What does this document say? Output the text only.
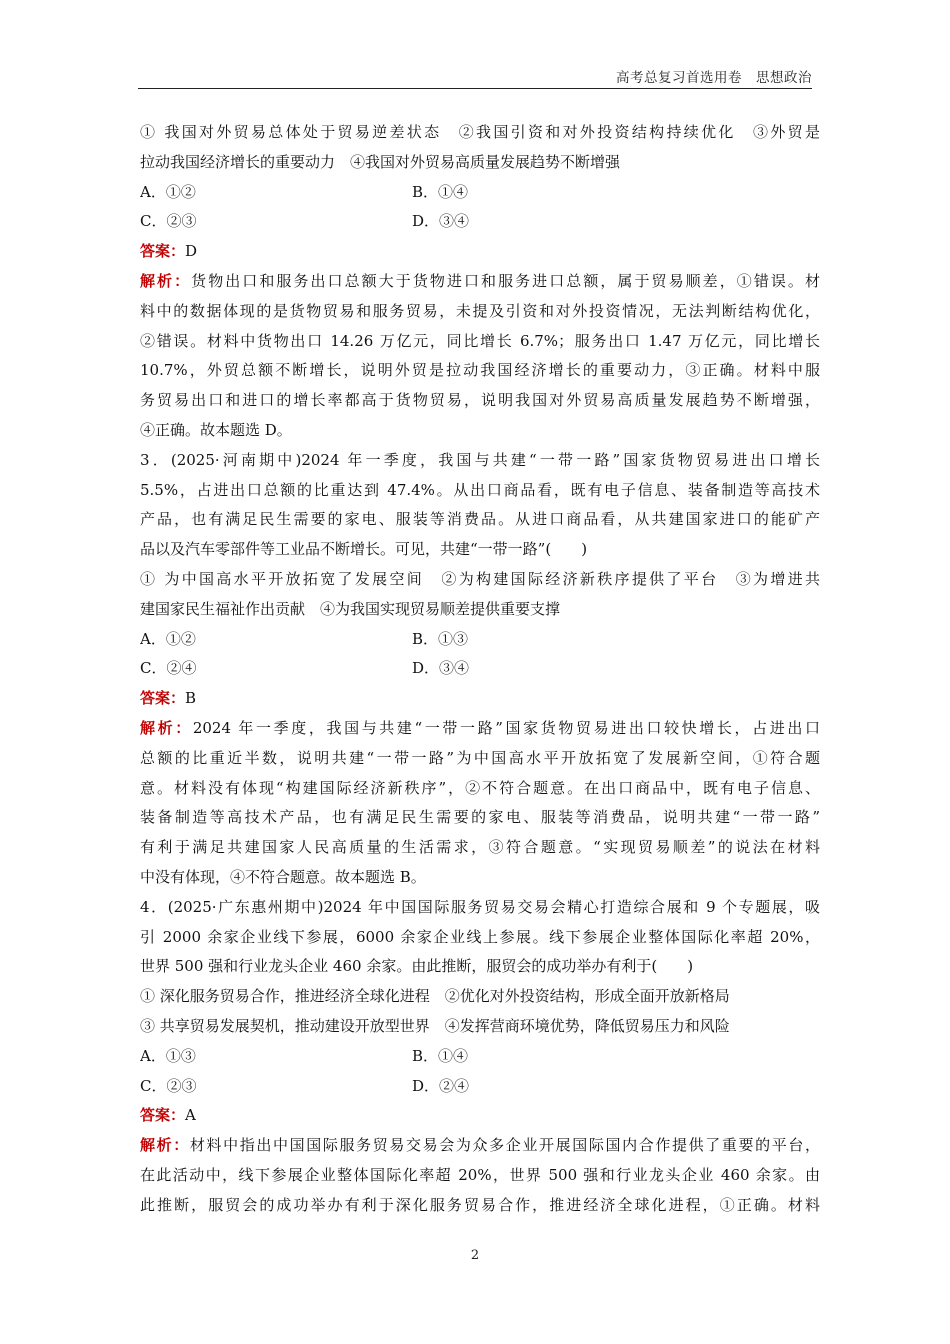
高考总复习首选用卷　思想政治
① 我国对外贸易总体处于贸易逆差状态　②我国引资和对外投资结构持续优化　③外贸是
拉动我国经济增长的重要动力　④我国对外贸易高质量发展趋势不断增强
A．①②	B．①④
C．②③	D．③④
答案：D
解析：货物出口和服务出口总额大于货物进口和服务进口总额，属于贸易顺差，①错误。材
料中的数据体现的是货物贸易和服务贸易，未提及引资和对外投资情况，无法判断结构优化，
②错误。材料中货物出口 14.26 万亿元，同比增长 6.7%；服务出口 1.47 万亿元，同比增长
10.7%，外贸总额不断增长，说明外贸是拉动我国经济增长的重要动力，③正确。材料中服
务贸易出口和进口的增长率都高于货物贸易，说明我国对外贸易高质量发展趋势不断增强，
④正确。故本题选 D。
3．(2025·河南期中)2024 年一季度，我国与共建“一带一路”国家货物贸易进出口增长
5.5%，占进出口总额的比重达到 47.4%。从出口商品看，既有电子信息、装备制造等高技术
产品，也有满足民生需要的家电、服装等消费品。从进口商品看，从共建国家进口的能矿产
品以及汽车零部件等工业品不断增长。可见，共建“一带一路”(　　)
① 为中国高水平开放拓宽了发展空间　②为构建国际经济新秩序提供了平台　③为增进共
建国家民生福祉作出贡献　④为我国实现贸易顺差提供重要支撑
A．①②	B．①③
C．②④	D．③④
答案：B
解析：2024 年一季度，我国与共建“一带一路”国家货物贸易进出口较快增长，占进出口
总额的比重近半数，说明共建“一带一路”为中国高水平开放拓宽了发展新空间，①符合题
意。材料没有体现“构建国际经济新秩序”，②不符合题意。在出口商品中，既有电子信息、
装备制造等高技术产品，也有满足民生需要的家电、服装等消费品，说明共建“一带一路”
有利于满足共建国家人民高质量的生活需求，③符合题意。“实现贸易顺差”的说法在材料
中没有体现，④不符合题意。故本题选 B。
4．(2025·广东惠州期中)2024 年中国国际服务贸易交易会精心打造综合展和 9 个专题展，吸
引 2000 余家企业线下参展，6000 余家企业线上参展。线下参展企业整体国际化率超 20%，
世界 500 强和行业龙头企业 460 余家。由此推断，服贸会的成功举办有利于(　　)
① 深化服务贸易合作，推进经济全球化进程　②优化对外投资结构，形成全面开放新格局
③ 共享贸易发展契机，推动建设开放型世界　④发挥营商环境优势，降低贸易压力和风险
A．①③	B．①④
C．②③	D．②④
答案：A
解析：材料中指出中国国际服务贸易交易会为众多企业开展国际国内合作提供了重要的平台，
在此活动中，线下参展企业整体国际化率超 20%，世界 500 强和行业龙头企业 460 余家。由
此推断，服贸会的成功举办有利于深化服务贸易合作，推进经济全球化进程，①正确。材料
2
